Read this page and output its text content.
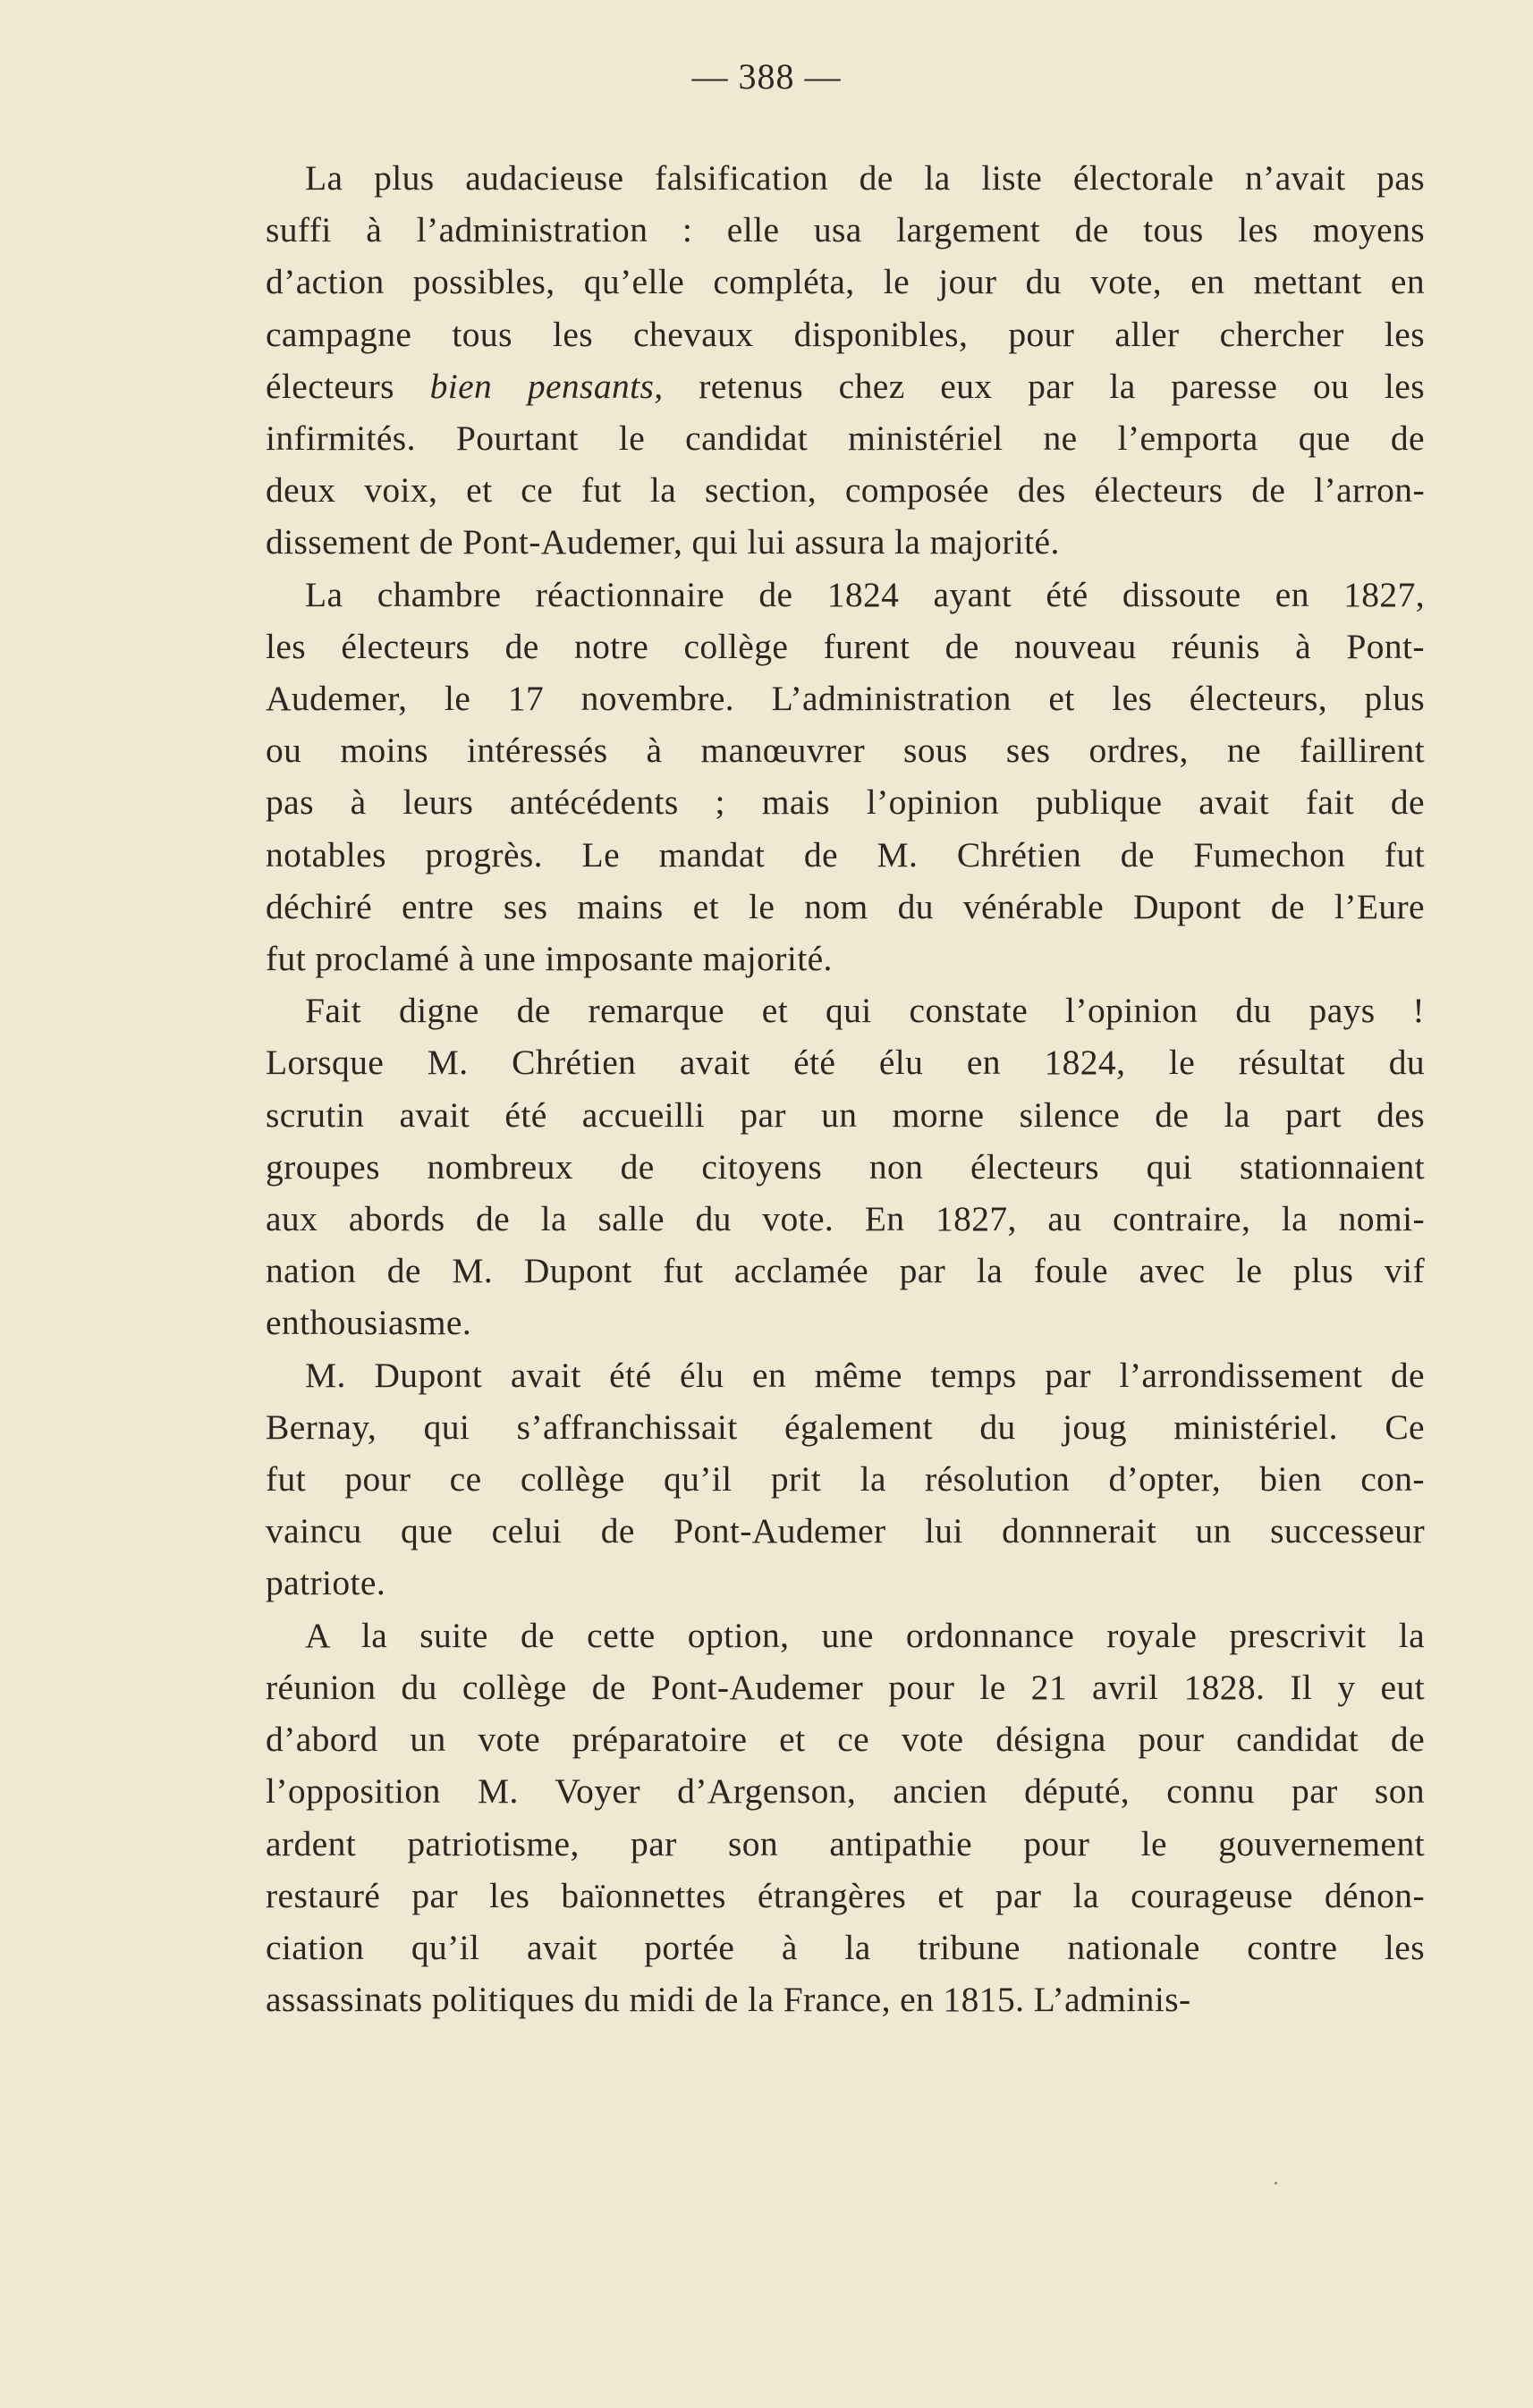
— 388 —
La plus audacieuse falsification de la liste électorale n’avait pas
suffi à l’administration : elle usa largement de tous les moyens
d’action possibles, qu’elle compléta, le jour du vote, en mettant en
campagne tous les chevaux disponibles, pour aller chercher les
électeurs bien pensants, retenus chez eux par la paresse ou les
infirmités. Pourtant le candidat ministériel ne l’emporta que de
deux voix, et ce fut la section, composée des électeurs de l’arron-
dissement de Pont-Audemer, qui lui assura la majorité.
La chambre réactionnaire de 1824 ayant été dissoute en 1827,
les électeurs de notre collège furent de nouveau réunis à Pont-
Audemer, le 17 novembre. L’administration et les électeurs, plus
ou moins intéressés à manœuvrer sous ses ordres, ne faillirent
pas à leurs antécédents ; mais l’opinion publique avait fait de
notables progrès. Le mandat de M. Chrétien de Fumechon fut
déchiré entre ses mains et le nom du vénérable Dupont de l’Eure
fut proclamé à une imposante majorité.
Fait digne de remarque et qui constate l’opinion du pays !
Lorsque M. Chrétien avait été élu en 1824, le résultat du
scrutin avait été accueilli par un morne silence de la part des
groupes nombreux de citoyens non électeurs qui stationnaient
aux abords de la salle du vote. En 1827, au contraire, la nomi-
nation de M. Dupont fut acclamée par la foule avec le plus vif
enthousiasme.
M. Dupont avait été élu en même temps par l’arrondissement de
Bernay, qui s’affranchissait également du joug ministériel. Ce
fut pour ce collège qu’il prit la résolution d’opter, bien con-
vaincu que celui de Pont-Audemer lui donnnerait un successeur
patriote.
A la suite de cette option, une ordonnance royale prescrivit la
réunion du collège de Pont-Audemer pour le 21 avril 1828. Il y eut
d’abord un vote préparatoire et ce vote désigna pour candidat de
l’opposition M. Voyer d’Argenson, ancien député, connu par son
ardent patriotisme, par son antipathie pour le gouvernement
restauré par les baïonnettes étrangères et par la courageuse dénon-
ciation qu’il avait portée à la tribune nationale contre les
assassinats politiques du midi de la France, en 1815. L’adminis-
